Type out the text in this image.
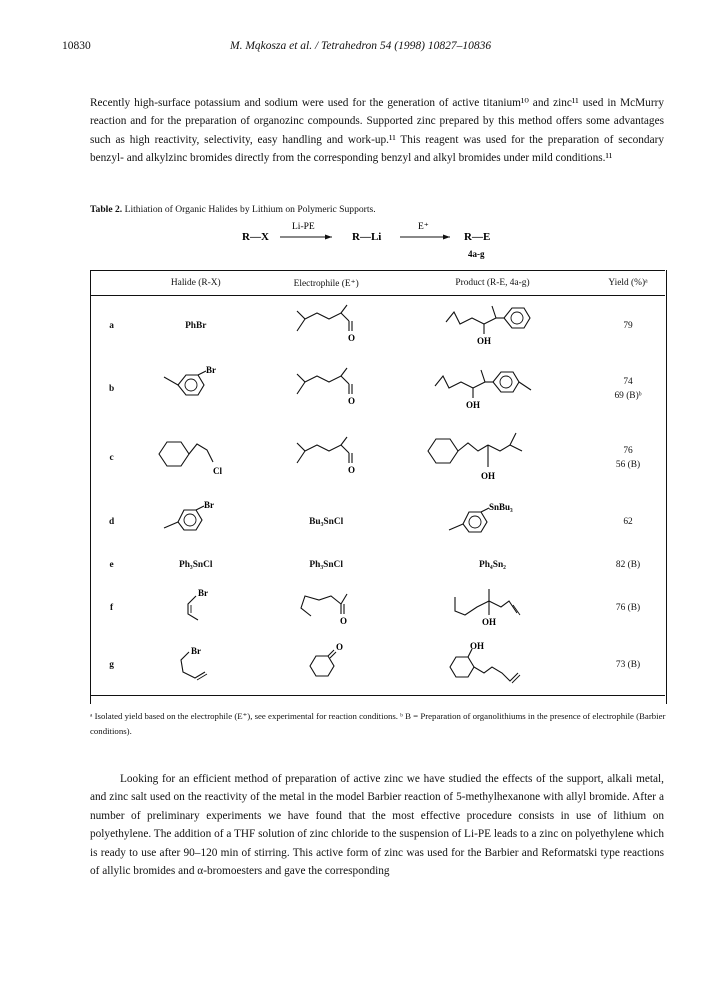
10830	M. Mąkosza et al. / Tetrahedron 54 (1998) 10827–10836
Recently high-surface potassium and sodium were used for the generation of active titanium¹⁰ and zinc¹¹ used in McMurry reaction and for the preparation of organozinc compounds. Supported zinc prepared by this method offers some advantages such as high reactivity, selectivity, easy handling and work-up.¹¹ This reagent was used for the preparation of secondary benzyl- and alkylzinc bromides directly from the corresponding benzyl and alkyl bromides under mild conditions.¹¹
Table 2. Lithiation of Organic Halides by Lithium on Polymeric Supports.
R—X
Li-PE
R—Li
E⁺
R—E
4a-g
	Halide (R-X)	Electrophile (E⁺)	Product (R-E, 4a-g)	Yield (%)ᵃ
a	PhBr	O	OH	79
b	Br	O	OH	74
69 (B)ᵇ
c	Cl	O	OH	76
56 (B)
d	Br	Bu₃SnCl	SnBu₃	62
e	Ph₃SnCl	Ph₃SnCl	Ph₄Sn₂	82 (B)
f	Br	O	OH	76 (B)
g	Br	O	OH	73 (B)
ᵃ Isolated yield based on the electrophile (E⁺), see experimental for reaction conditions. ᵇ B = Preparation of organolithiums in the presence of electrophile (Barbier conditions).
Looking for an efficient method of preparation of active zinc we have studied the effects of the support, alkali metal, and zinc salt used on the reactivity of the metal in the model Barbier reaction of 5-methylhexanone with allyl bromide. After a number of preliminary experiments we have found that the most effective procedure consists in use of lithium on polyethylene. The addition of a THF solution of zinc chloride to the suspension of Li-PE leads to a zinc on polyethylene which is ready to use after 90–120 min of stirring. This active form of zinc was used for the Barbier and Reformatski type reactions of allylic bromides and α-bromoesters and gave the corresponding
